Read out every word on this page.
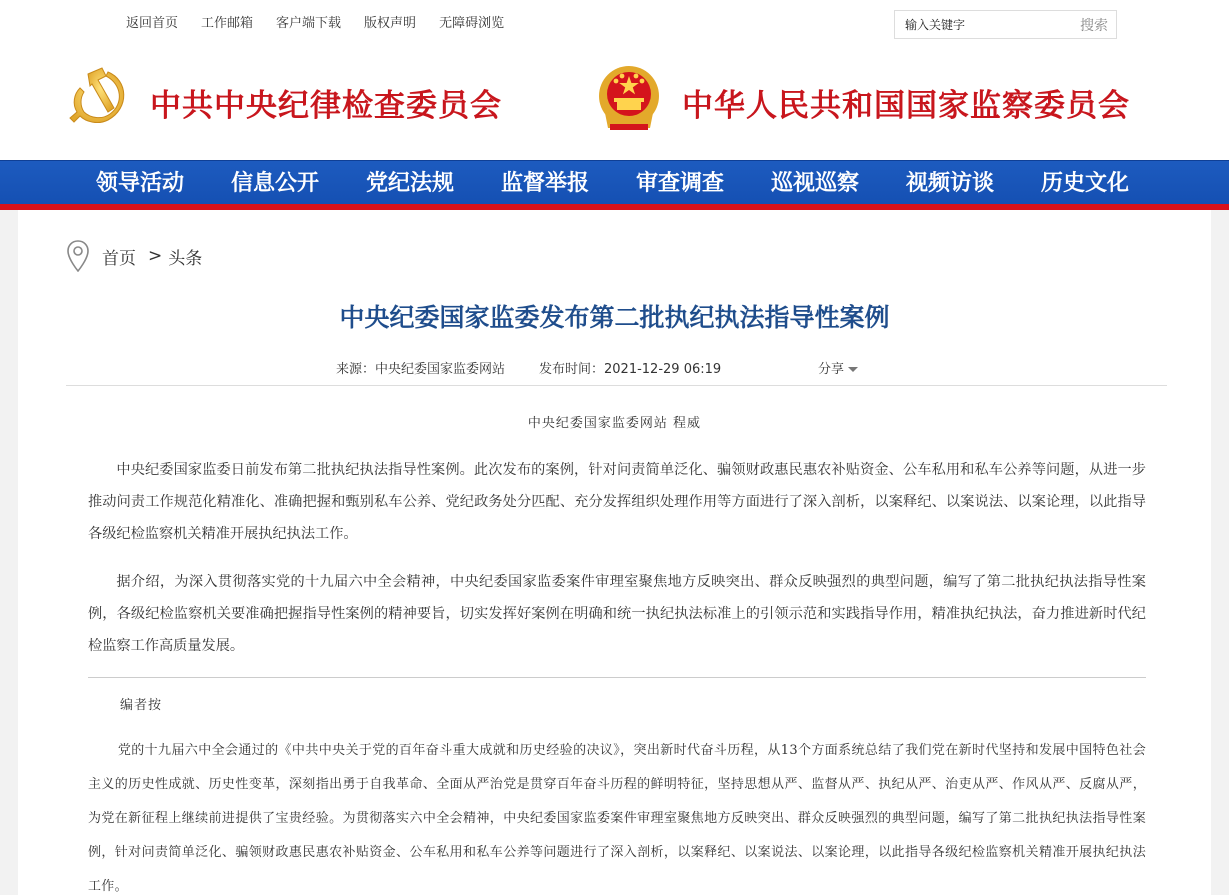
返回首页 工作邮箱 客户端下载 版权声明 无障碍浏览
输入关键字	搜索
中共中央纪律检查委员会	中华人民共和国国家监察委员会
领导活动	信息公开	党纪法规	监督举报	审查调查	巡视巡察	视频访谈	历史文化
首页 > 头条
中央纪委国家监委发布第二批执纪执法指导性案例
来源：中央纪委国家监委网站	发布时间：2021-12-29 06:19	分享
中央纪委国家监委网站 程威

中央纪委国家监委日前发布第二批执纪执法指导性案例。此次发布的案例，针对问责简单泛化、骗领财政惠民惠农补贴资金、公车私用和私车公养等问题，从进一步推动问责工作规范化精准化、准确把握和甄别私车公养、党纪政务处分匹配、充分发挥组织处理作用等方面进行了深入剖析，以案释纪、以案说法、以案论理，以此指导各级纪检监察机关精准开展执纪执法工作。

据介绍，为深入贯彻落实党的十九届六中全会精神，中央纪委国家监委案件审理室聚焦地方反映突出、群众反映强烈的典型问题，编写了第二批执纪执法指导性案例，各级纪检监察机关要准确把握指导性案例的精神要旨，切实发挥好案例在明确和统一执纪执法标准上的引领示范和实践指导作用，精准执纪执法，奋力推进新时代纪检监察工作高质量发展。

编者按

党的十九届六中全会通过的《中共中央关于党的百年奋斗重大成就和历史经验的决议》，突出新时代奋斗历程，从13个方面系统总结了我们党在新时代坚持和发展中国特色社会主义的历史性成就、历史性变革，深刻指出勇于自我革命、全面从严治党是贯穿百年奋斗历程的鲜明特征，坚持思想从严、监督从严、执纪从严、治吏从严、作风从严、反腐从严，为党在新征程上继续前进提供了宝贵经验。为贯彻落实六中全会精神，中央纪委国家监委案件审理室聚焦地方反映突出、群众反映强烈的典型问题，编写了第二批执纪执法指导性案例，针对问责简单泛化、骗领财政惠民惠农补贴资金、公车私用和私车公养等问题进行了深入剖析，以案释纪、以案说法、以案论理，以此指导各级纪检监察机关精准开展执纪执法工作。
